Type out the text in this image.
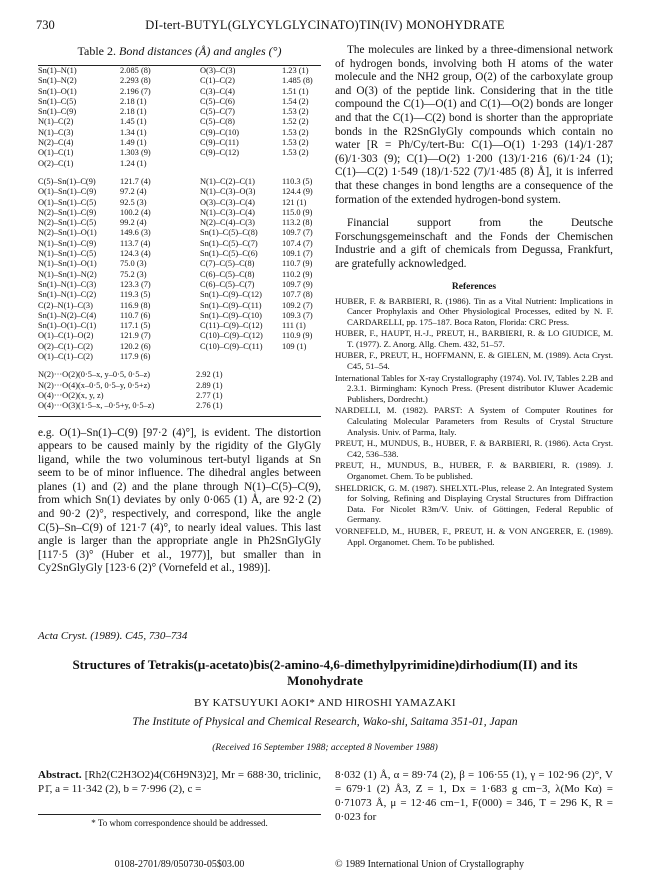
730	DI-tert-BUTYL(GLYCYLGLYCINATO)TIN(IV) MONOHYDRATE
Table 2. Bond distances (Å) and angles (°)
Sn(1)–N(1)	2.085 (8)	O(3)–C(3)	1.23 (1)
Sn(1)–N(2)	2.293 (8)	C(1)–C(2)	1.485 (8)
Sn(1)–O(1)	2.196 (7)	C(3)–C(4)	1.51 (1)
Sn(1)–C(5)	2.18 (1)	C(5)–C(6)	1.54 (2)
Sn(1)–C(9)	2.18 (1)	C(5)–C(7)	1.53 (2)
N(1)–C(2)	1.45 (1)	C(5)–C(8)	1.52 (2)
N(1)–C(3)	1.34 (1)	C(9)–C(10)	1.53 (2)
N(2)–C(4)	1.49 (1)	C(9)–C(11)	1.53 (2)
O(1)–C(1)	1.303 (9)	C(9)–C(12)	1.53 (2)
O(2)–C(1)	1.24 (1)		
C(5)–Sn(1)–C(9)	121.7 (4)	N(1)–C(2)–C(1)	110.3 (5)
O(1)–Sn(1)–C(9)	97.2 (4)	N(1)–C(3)–O(3)	124.4 (9)
O(1)–Sn(1)–C(5)	92.5 (3)	O(3)–C(3)–C(4)	121 (1)
N(2)–Sn(1)–C(9)	100.2 (4)	N(1)–C(3)–C(4)	115.0 (9)
N(2)–Sn(1)–C(5)	99.2 (4)	N(2)–C(4)–C(3)	113.2 (8)
N(2)–Sn(1)–O(1)	149.6 (3)	Sn(1)–C(5)–C(8)	109.7 (7)
N(1)–Sn(1)–C(9)	113.7 (4)	Sn(1)–C(5)–C(7)	107.4 (7)
N(1)–Sn(1)–C(5)	124.3 (4)	Sn(1)–C(5)–C(6)	109.1 (7)
N(1)–Sn(1)–O(1)	75.0 (3)	C(7)–C(5)–C(8)	110.7 (9)
N(1)–Sn(1)–N(2)	75.2 (3)	C(6)–C(5)–C(8)	110.2 (9)
Sn(1)–N(1)–C(3)	123.3 (7)	C(6)–C(5)–C(7)	109.7 (9)
Sn(1)–N(1)–C(2)	119.3 (5)	Sn(1)–C(9)–C(12)	107.7 (8)
C(2)–N(1)–C(3)	116.9 (8)	Sn(1)–C(9)–C(11)	109.2 (7)
Sn(1)–N(2)–C(4)	110.7 (6)	Sn(1)–C(9)–C(10)	109.3 (7)
Sn(1)–O(1)–C(1)	117.1 (5)	C(11)–C(9)–C(12)	111 (1)
O(1)–C(1)–O(2)	121.9 (7)	C(10)–C(9)–C(12)	110.9 (9)
O(2)–C(1)–C(2)	120.2 (6)	C(10)–C(9)–C(11)	109 (1)
O(1)–C(1)–C(2)	117.9 (6)		
N(2)···O(2)(0·5–x, y–0·5, 0·5–z)	2.92 (1)
N(2)···O(4)(x–0·5, 0·5–y, 0·5+z)	2.89 (1)
O(4)···O(2)(x, y, z)	2.77 (1)
O(4)···O(3)(1·5–x, –0·5+y, 0·5–z)	2.76 (1)

e.g. O(1)–Sn(1)–C(9) [97·2 (4)°], is evident. The distortion appears to be caused mainly by the rigidity of the GlyGly ligand, while the two voluminous tert-butyl ligands at Sn seem to be of minor influence. The dihedral angles between planes (1) and (2) and the plane through N(1)–C(5)–C(9), from which Sn(1) deviates by only 0·065 (1) Å, are 92·2 (2) and 90·2 (2)°, respectively, and correspond, like the angle C(5)–Sn–C(9) of 121·7 (4)°, to nearly ideal values. This last angle is larger than the appropriate angle in Ph2SnGlyGly [117·5 (3)° (Huber et al., 1977)], but smaller than in Cy2SnGlyGly [123·6 (2)° (Vornefeld et al., 1989)].

The molecules are linked by a three-dimensional network of hydrogen bonds, involving both H atoms of the water molecule and the NH2 group, O(2) of the carboxylate group and O(3) of the peptide link. Considering that in the title compound the C(1)—O(1) and C(1)—O(2) bonds are longer and that the C(1)—C(2) bond is shorter than the appropriate bonds in the R2SnGlyGly compounds which contain no water [R = Ph/Cy/tert-Bu: C(1)—O(1) 1·293 (14)/1·287 (6)/1·303 (9); C(1)—O(2) 1·200 (13)/1·216 (6)/1·24 (1); C(1)—C(2) 1·549 (18)/1·522 (7)/1·485 (8) Å], it is inferred that these changes in bond lengths are a consequence of the formation of the extended hydrogen-bond system.

Financial support from the Deutsche Forschungsgemeinschaft and the Fonds der Chemischen Industrie and a gift of chemicals from Degussa, Frankfurt, are gratefully acknowledged.

References

HUBER, F. & BARBIERI, R. (1986). Tin as a Vital Nutrient: Implications in Cancer Prophylaxis and Other Physiological Processes, edited by N. F. CARDARELLI, pp. 175–187. Boca Raton, Florida: CRC Press.

HUBER, F., HAUPT, H.-J., PREUT, H., BARBIERI, R. & LO GIUDICE, M. T. (1977). Z. Anorg. Allg. Chem. 432, 51–57.

HUBER, F., PREUT, H., HOFFMANN, E. & GIELEN, M. (1989). Acta Cryst. C45, 51–54.

International Tables for X-ray Crystallography (1974). Vol. IV, Tables 2.2B and 2.3.1. Birmingham: Kynoch Press. (Present distributor Kluwer Academic Publishers, Dordrecht.)

NARDELLI, M. (1982). PARST: A System of Computer Routines for Calculating Molecular Parameters from Results of Crystal Structure Analysis. Univ. of Parma, Italy.

PREUT, H., MUNDUS, B., HUBER, F. & BARBIERI, R. (1986). Acta Cryst. C42, 536–538.

PREUT, H., MUNDUS, B., HUBER, F. & BARBIERI, R. (1989). J. Organomet. Chem. To be published.

SHELDRICK, G. M. (1987). SHELXTL-Plus, release 2. An Integrated System for Solving, Refining and Displaying Crystal Structures from Diffraction Data. For Nicolet R3m/V. Univ. of Göttingen, Federal Republic of Germany.

VORNEFELD, M., HUBER, F., PREUT, H. & VON ANGERER, E. (1989). Appl. Organomet. Chem. To be published.

Acta Cryst. (1989). C45, 730–734
Structures of Tetrakis(μ-acetato)bis(2-amino-4,6-dimethylpyrimidine)dirhodium(II) and its Monohydrate
BY KATSUYUKI AOKI* AND HIROSHI YAMAZAKI
The Institute of Physical and Chemical Research, Wako-shi, Saitama 351-01, Japan
(Received 16 September 1988; accepted 8 November 1988)
Abstract. [Rh2(C2H3O2)4(C6H9N3)2], Mr = 688·30, triclinic, P1̄, a = 11·342 (2), b = 7·996 (2), c =
8·032 (1) Å, α = 89·74 (2), β = 106·55 (1), γ = 102·96 (2)°, V = 679·1 (2) Å3, Z = 1, Dx = 1·683 g cm−3, λ(Mo Kα) = 0·71073 Å, μ = 12·46 cm−1, F(000) = 346, T = 296 K, R = 0·023 for
* To whom correspondence should be addressed.
0108-2701/89/050730-05$03.00	© 1989 International Union of Crystallography
